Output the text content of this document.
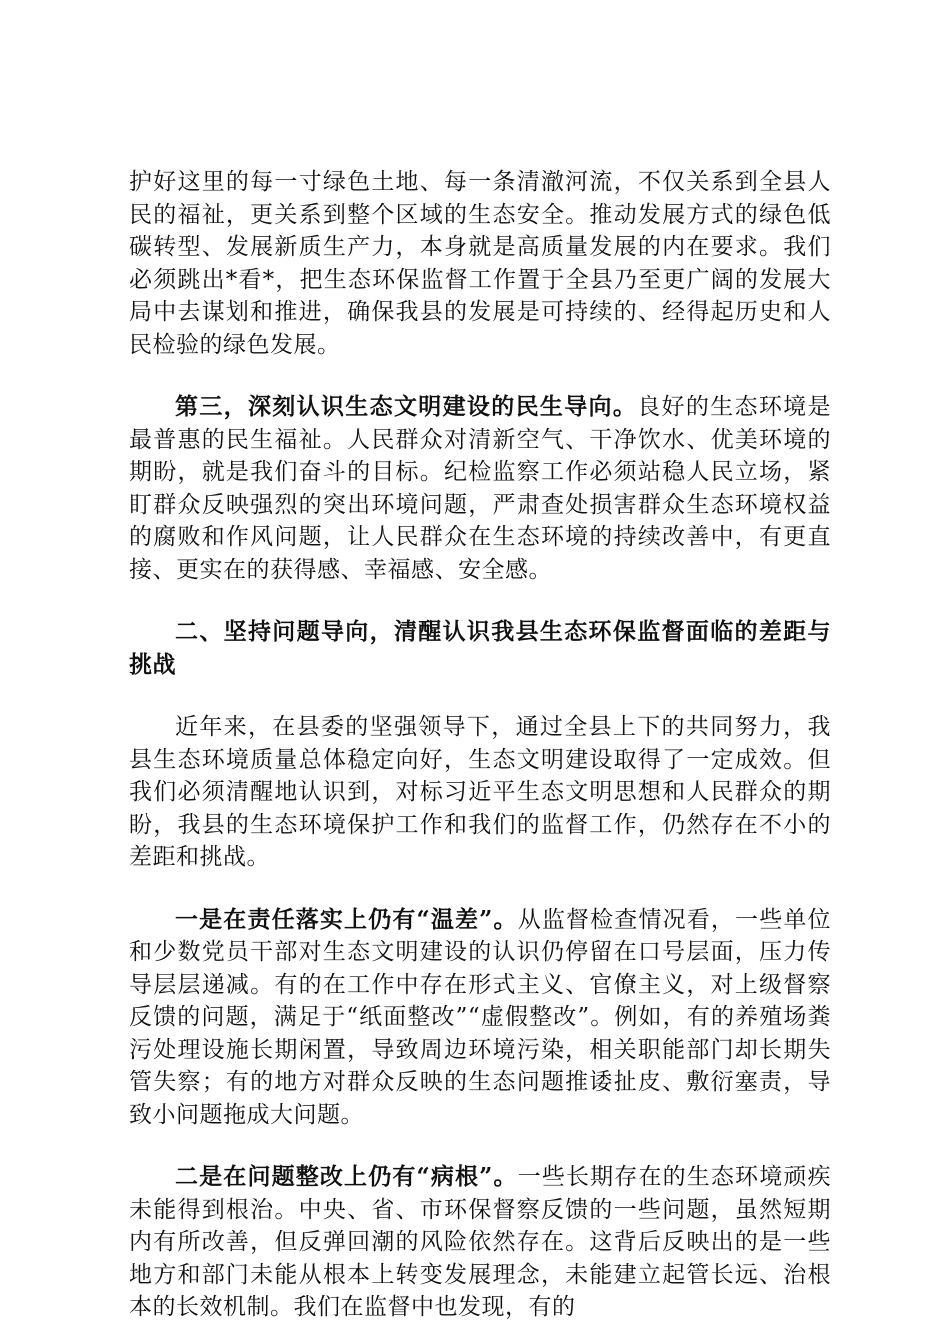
护好这里的每一寸绿色土地、每一条清澈河流，不仅关系到全县人民的福祉，更关系到整个区域的生态安全。推动发展方式的绿色低碳转型、发展新质生产力，本身就是高质量发展的内在要求。我们必须跳出*看*，把生态环保监督工作置于全县乃至更广阔的发展大局中去谋划和推进，确保我县的发展是可持续的、经得起历史和人民检验的绿色发展。

第三，深刻认识生态文明建设的民生导向。良好的生态环境是最普惠的民生福祉。人民群众对清新空气、干净饮水、优美环境的期盼，就是我们奋斗的目标。纪检监察工作必须站稳人民立场，紧盯群众反映强烈的突出环境问题，严肃查处损害群众生态环境权益的腐败和作风问题，让人民群众在生态环境的持续改善中，有更直接、更实在的获得感、幸福感、安全感。

二、坚持问题导向，清醒认识我县生态环保监督面临的差距与挑战

近年来，在县委的坚强领导下，通过全县上下的共同努力，我县生态环境质量总体稳定向好，生态文明建设取得了一定成效。但我们必须清醒地认识到，对标习近平生态文明思想和人民群众的期盼，我县的生态环境保护工作和我们的监督工作，仍然存在不小的差距和挑战。

一是在责任落实上仍有“温差”。从监督检查情况看，一些单位和少数党员干部对生态文明建设的认识仍停留在口号层面，压力传导层层递减。有的在工作中存在形式主义、官僚主义，对上级督察反馈的问题，满足于“纸面整改”“虚假整改”。例如，有的养殖场粪污处理设施长期闲置，导致周边环境污染，相关职能部门却长期失管失察；有的地方对群众反映的生态问题推诿扯皮、敷衍塞责，导致小问题拖成大问题。

二是在问题整改上仍有“病根”。一些长期存在的生态环境顽疾未能得到根治。中央、省、市环保督察反馈的一些问题，虽然短期内有所改善，但反弹回潮的风险依然存在。这背后反映出的是一些地方和部门未能从根本上转变发展理念，未能建立起管长远、治根本的长效机制。我们在监督中也发现，有的
